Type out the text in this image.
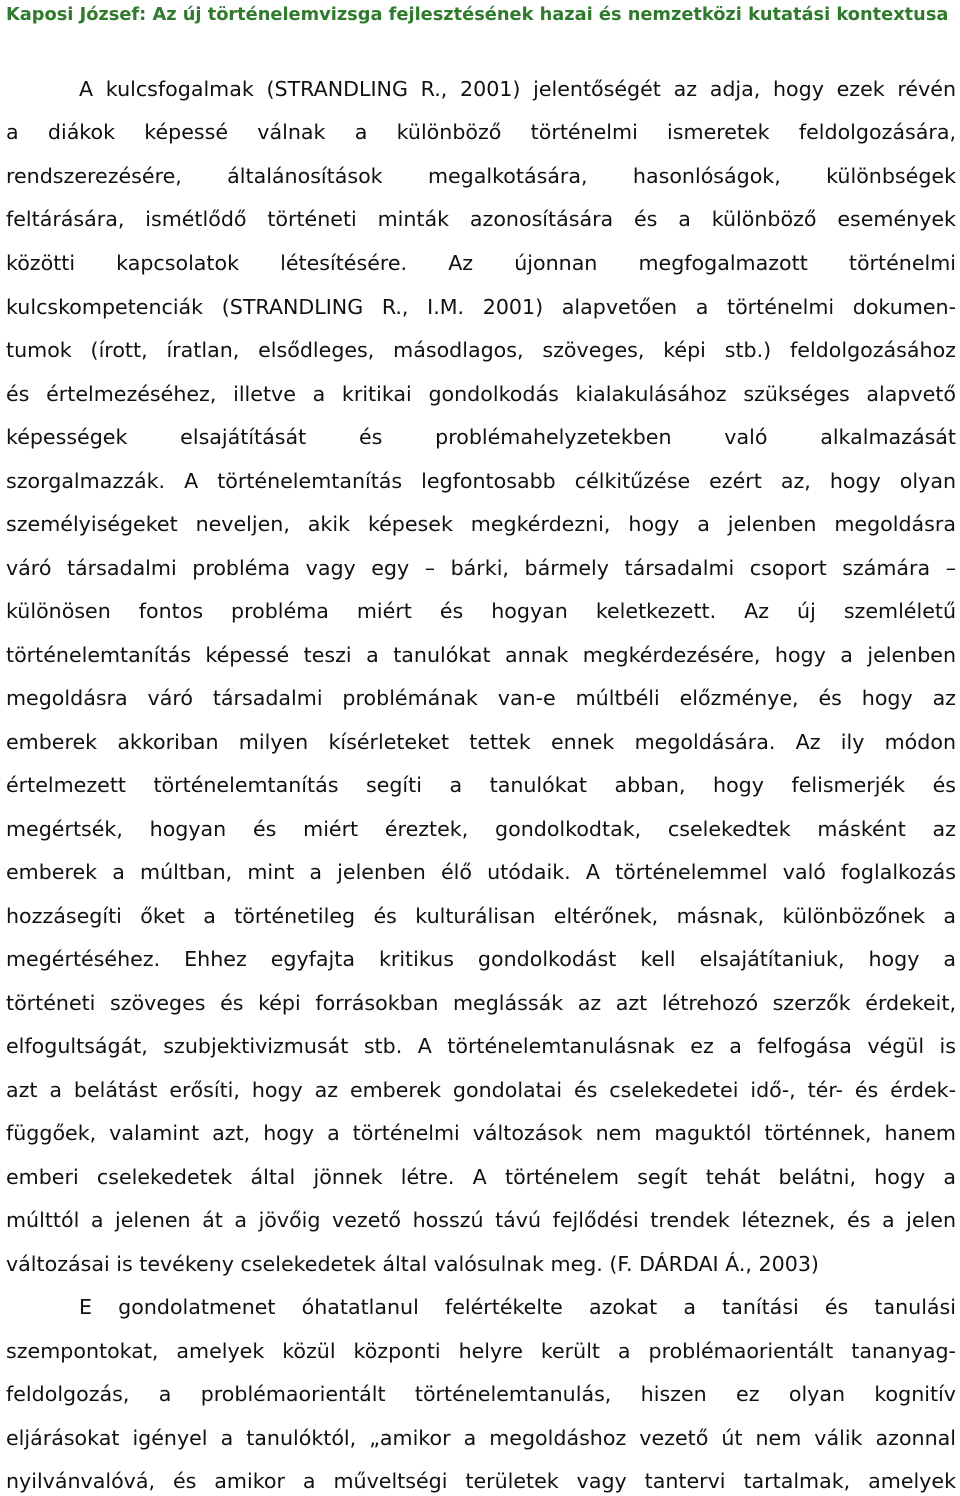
Kaposi József: Az új történelemvizsga fejlesztésének hazai és nemzetközi kutatási kontextusa
A kulcsfogalmak (STRANDLING R., 2001) jelentőségét az adja, hogy ezek révén
a diákok képessé válnak a különböző történelmi ismeretek feldolgozására,
rendszerezésére, általánosítások megalkotására, hasonlóságok, különbségek
feltárására, ismétlődő történeti minták azonosítására és a különböző események
közötti kapcsolatok létesítésére. Az újonnan megfogalmazott történelmi
kulcskompetenciák (STRANDLING R., I.M. 2001) alapvetően a történelmi dokumen-
tumok (írott, íratlan, elsődleges, másodlagos, szöveges, képi stb.) feldolgozásához
és értelmezéséhez, illetve a kritikai gondolkodás kialakulásához szükséges alapvető
képességek elsajátítását és problémahelyzetekben való alkalmazását
szorgalmazzák. A történelemtanítás legfontosabb célkitűzése ezért az, hogy olyan
személyiségeket neveljen, akik képesek megkérdezni, hogy a jelenben megoldásra
váró társadalmi probléma vagy egy – bárki, bármely társadalmi csoport számára –
különösen fontos probléma miért és hogyan keletkezett. Az új szemléletű
történelemtanítás képessé teszi a tanulókat annak megkérdezésére, hogy a jelenben
megoldásra váró társadalmi problémának van-e múltbéli előzménye, és hogy az
emberek akkoriban milyen kísérleteket tettek ennek megoldására. Az ily módon
értelmezett történelemtanítás segíti a tanulókat abban, hogy felismerjék és
megértsék, hogyan és miért éreztek, gondolkodtak, cselekedtek másként az
emberek a múltban, mint a jelenben élő utódaik. A történelemmel való foglalkozás
hozzásegíti őket a történetileg és kulturálisan eltérőnek, másnak, különbözőnek a
megértéséhez. Ehhez egyfajta kritikus gondolkodást kell elsajátítaniuk, hogy a
történeti szöveges és képi forrásokban meglássák az azt létrehozó szerzők érdekeit,
elfogultságát, szubjektivizmusát stb. A történelemtanulásnak ez a felfogása végül is
azt a belátást erősíti, hogy az emberek gondolatai és cselekedetei idő-, tér- és érdek-
függőek, valamint azt, hogy a történelmi változások nem maguktól történnek, hanem
emberi cselekedetek által jönnek létre. A történelem segít tehát belátni, hogy a
múlttól a jelenen át a jövőig vezető hosszú távú fejlődési trendek léteznek, és a jelen
változásai is tevékeny cselekedetek által valósulnak meg. (F. DÁRDAI Á., 2003)
E gondolatmenet óhatatlanul felértékelte azokat a tanítási és tanulási
szempontokat, amelyek közül központi helyre került a problémaorientált tananyag-
feldolgozás, a problémaorientált történelemtanulás, hiszen ez olyan kognitív
eljárásokat igényel a tanulóktól, „amikor a megoldáshoz vezető út nem válik azonnal
nyilvánvalóvá, és amikor a műveltségi területek vagy tantervi tartalmak, amelyek
